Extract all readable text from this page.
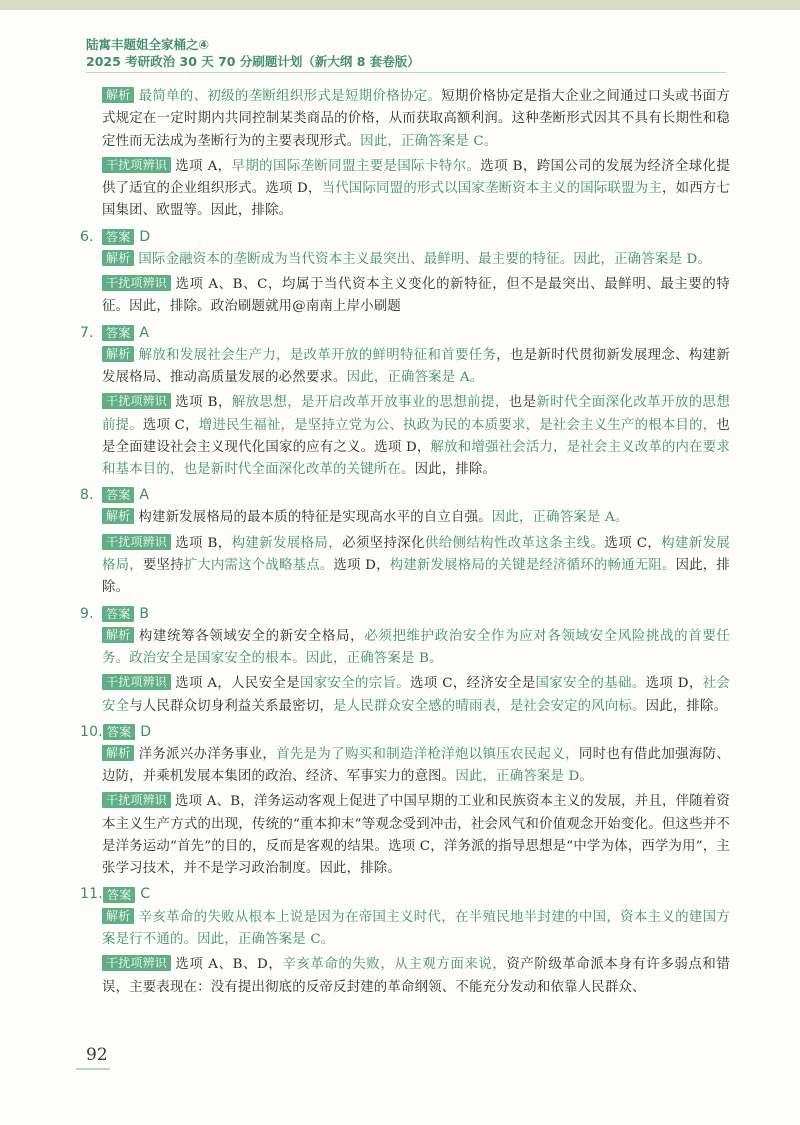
陆寓丰题姐全家桶之④
2025 考研政治 30 天 70 分刷题计划（新大纲 8 套卷版）
解析 最简单的、初级的垄断组织形式是短期价格协定。短期价格协定是指大企业之间通过口头或书面方式规定在一定时期内共同控制某类商品的价格，从而获取高额利润。这种垄断形式因其不具有长期性和稳定性而无法成为垄断行为的主要表现形式。因此，正确答案是 C。
干扰项辨识 选项 A，早期的国际垄断同盟主要是国际卡特尔。选项 B，跨国公司的发展为经济全球化提供了适宜的企业组织形式。选项 D，当代国际同盟的形式以国家垄断资本主义的国际联盟为主，如西方七国集团、欧盟等。因此，排除。
6.	答案 D
解析 国际金融资本的垄断成为当代资本主义最突出、最鲜明、最主要的特征。因此，正确答案是 D。
干扰项辨识 选项 A、B、C，均属于当代资本主义变化的新特征，但不是最突出、最鲜明、最主要的特征。因此，排除。政治刷题就用@南南上岸小刷题
7.	答案 A
解析 解放和发展社会生产力，是改革开放的鲜明特征和首要任务，也是新时代贯彻新发展理念、构建新发展格局、推动高质量发展的必然要求。因此，正确答案是 A。
干扰项辨识 选项 B，解放思想，是开启改革开放事业的思想前提，也是新时代全面深化改革开放的思想前提。选项 C，增进民生福祉，是坚持立党为公、执政为民的本质要求，是社会主义生产的根本目的，也是全面建设社会主义现代化国家的应有之义。选项 D，解放和增强社会活力，是社会主义改革的内在要求和基本目的，也是新时代全面深化改革的关键所在。因此，排除。
8.	答案 A
解析 构建新发展格局的最本质的特征是实现高水平的自立自强。因此，正确答案是 A。
干扰项辨识 选项 B，构建新发展格局，必须坚持深化供给侧结构性改革这条主线。选项 C，构建新发展格局，要坚持扩大内需这个战略基点。选项 D，构建新发展格局的关键是经济循环的畅通无阻。因此，排除。
9.	答案 B
解析 构建统筹各领域安全的新安全格局，必须把维护政治安全作为应对各领域安全风险挑战的首要任务。政治安全是国家安全的根本。因此，正确答案是 B。
干扰项辨识 选项 A，人民安全是国家安全的宗旨。选项 C，经济安全是国家安全的基础。选项 D，社会安全与人民群众切身利益关系最密切，是人民群众安全感的晴雨表，是社会安定的风向标。因此，排除。
10. 答案 D
解析 洋务派兴办洋务事业，首先是为了购买和制造洋枪洋炮以镇压农民起义，同时也有借此加强海防、边防，并乘机发展本集团的政治、经济、军事实力的意图。因此，正确答案是 D。
干扰项辨识 选项 A、B，洋务运动客观上促进了中国早期的工业和民族资本主义的发展，并且，伴随着资本主义生产方式的出现，传统的“重本抑末”等观念受到冲击，社会风气和价值观念开始变化。但这些并不是洋务运动“首先”的目的，反而是客观的结果。选项 C，洋务派的指导思想是“中学为体，西学为用”，主张学习技术，并不是学习政治制度。因此，排除。
11. 答案 C
解析 辛亥革命的失败从根本上说是因为在帝国主义时代，在半殖民地半封建的中国，资本主义的建国方案是行不通的。因此，正确答案是 C。
干扰项辨识 选项 A、B、D，辛亥革命的失败，从主观方面来说，资产阶级革命派本身有许多弱点和错误，主要表现在：没有提出彻底的反帝反封建的革命纲领、不能充分发动和依靠人民群众、
92
